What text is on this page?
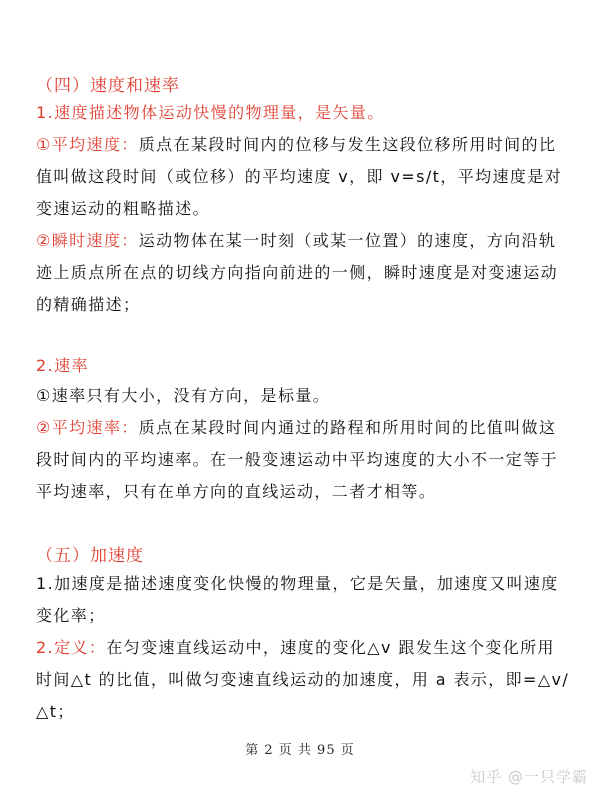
（四）速度和速率

1.速度描述物体运动快慢的物理量，是矢量。

①平均速度：质点在某段时间内的位移与发生这段位移所用时间的比值叫做这段时间（或位移）的平均速度 v，即 v=s/t，平均速度是对变速运动的粗略描述。

②瞬时速度：运动物体在某一时刻（或某一位置）的速度，方向沿轨迹上质点所在点的切线方向指向前进的一侧，瞬时速度是对变速运动的精确描述；

2.速率

①速率只有大小，没有方向，是标量。

②平均速率：质点在某段时间内通过的路程和所用时间的比值叫做这段时间内的平均速率。在一般变速运动中平均速度的大小不一定等于平均速率，只有在单方向的直线运动，二者才相等。

（五）加速度

1.加速度是描述速度变化快慢的物理量，它是矢量，加速度又叫速度变化率；

2.定义：在匀变速直线运动中，速度的变化△v 跟发生这个变化所用时间△t 的比值，叫做匀变速直线运动的加速度，用 a 表示，即=△v/△t；

第 2 页 共 95 页
知乎 @一只学霸
